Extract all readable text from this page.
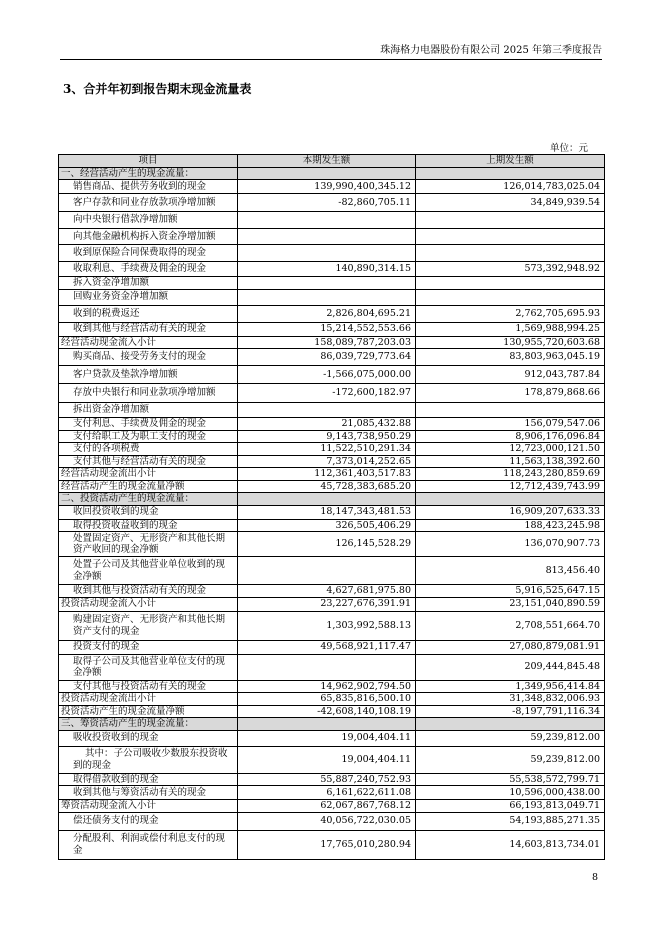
珠海格力电器股份有限公司 2025 年第三季度报告
3、合并年初到报告期末现金流量表
单位：元
项目	本期发生额	上期发生额
一、经营活动产生的现金流量：		
销售商品、提供劳务收到的现金	139,990,400,345.12	126,014,783,025.04
客户存款和同业存放款项净增加额	-82,860,705.11	34,849,939.54
向中央银行借款净增加额		
向其他金融机构拆入资金净增加额		
收到原保险合同保费取得的现金		
收取利息、手续费及佣金的现金	140,890,314.15	573,392,948.92
拆入资金净增加额		
回购业务资金净增加额		
收到的税费返还	2,826,804,695.21	2,762,705,695.93
收到其他与经营活动有关的现金	15,214,552,553.66	1,569,988,994.25
经营活动现金流入小计	158,089,787,203.03	130,955,720,603.68
购买商品、接受劳务支付的现金	86,039,729,773.64	83,803,963,045.19
客户贷款及垫款净增加额	-1,566,075,000.00	912,043,787.84
存放中央银行和同业款项净增加额	-172,600,182.97	178,879,868.66
拆出资金净增加额		
支付利息、手续费及佣金的现金	21,085,432.88	156,079,547.06
支付给职工及为职工支付的现金	9,143,738,950.29	8,906,176,096.84
支付的各项税费	11,522,510,291.34	12,723,000,121.50
支付其他与经营活动有关的现金	7,373,014,252.65	11,563,138,392.60
经营活动现金流出小计	112,361,403,517.83	118,243,280,859.69
经营活动产生的现金流量净额	45,728,383,685.20	12,712,439,743.99
二、投资活动产生的现金流量：		
收回投资收到的现金	18,147,343,481.53	16,909,207,633.33
取得投资收益收到的现金	326,505,406.29	188,423,245.98
处置固定资产、无形资产和其他长期资产收回的现金净额	126,145,528.29	136,070,907.73
处置子公司及其他营业单位收到的现金净额		813,456.40
收到其他与投资活动有关的现金	4,627,681,975.80	5,916,525,647.15
投资活动现金流入小计	23,227,676,391.91	23,151,040,890.59
购建固定资产、无形资产和其他长期资产支付的现金	1,303,992,588.13	2,708,551,664.70
投资支付的现金	49,568,921,117.47	27,080,879,081.91
取得子公司及其他营业单位支付的现金净额		209,444,845.48
支付其他与投资活动有关的现金	14,962,902,794.50	1,349,956,414.84
投资活动现金流出小计	65,835,816,500.10	31,348,832,006.93
投资活动产生的现金流量净额	-42,608,140,108.19	-8,197,791,116.34
三、筹资活动产生的现金流量：		
吸收投资收到的现金	19,004,404.11	59,239,812.00
其中：子公司吸收少数股东投资收到的现金	19,004,404.11	59,239,812.00
取得借款收到的现金	55,887,240,752.93	55,538,572,799.71
收到其他与筹资活动有关的现金	6,161,622,611.08	10,596,000,438.00
筹资活动现金流入小计	62,067,867,768.12	66,193,813,049.71
偿还债务支付的现金	40,056,722,030.05	54,193,885,271.35
分配股利、利润或偿付利息支付的现金	17,765,010,280.94	14,603,813,734.01
8
